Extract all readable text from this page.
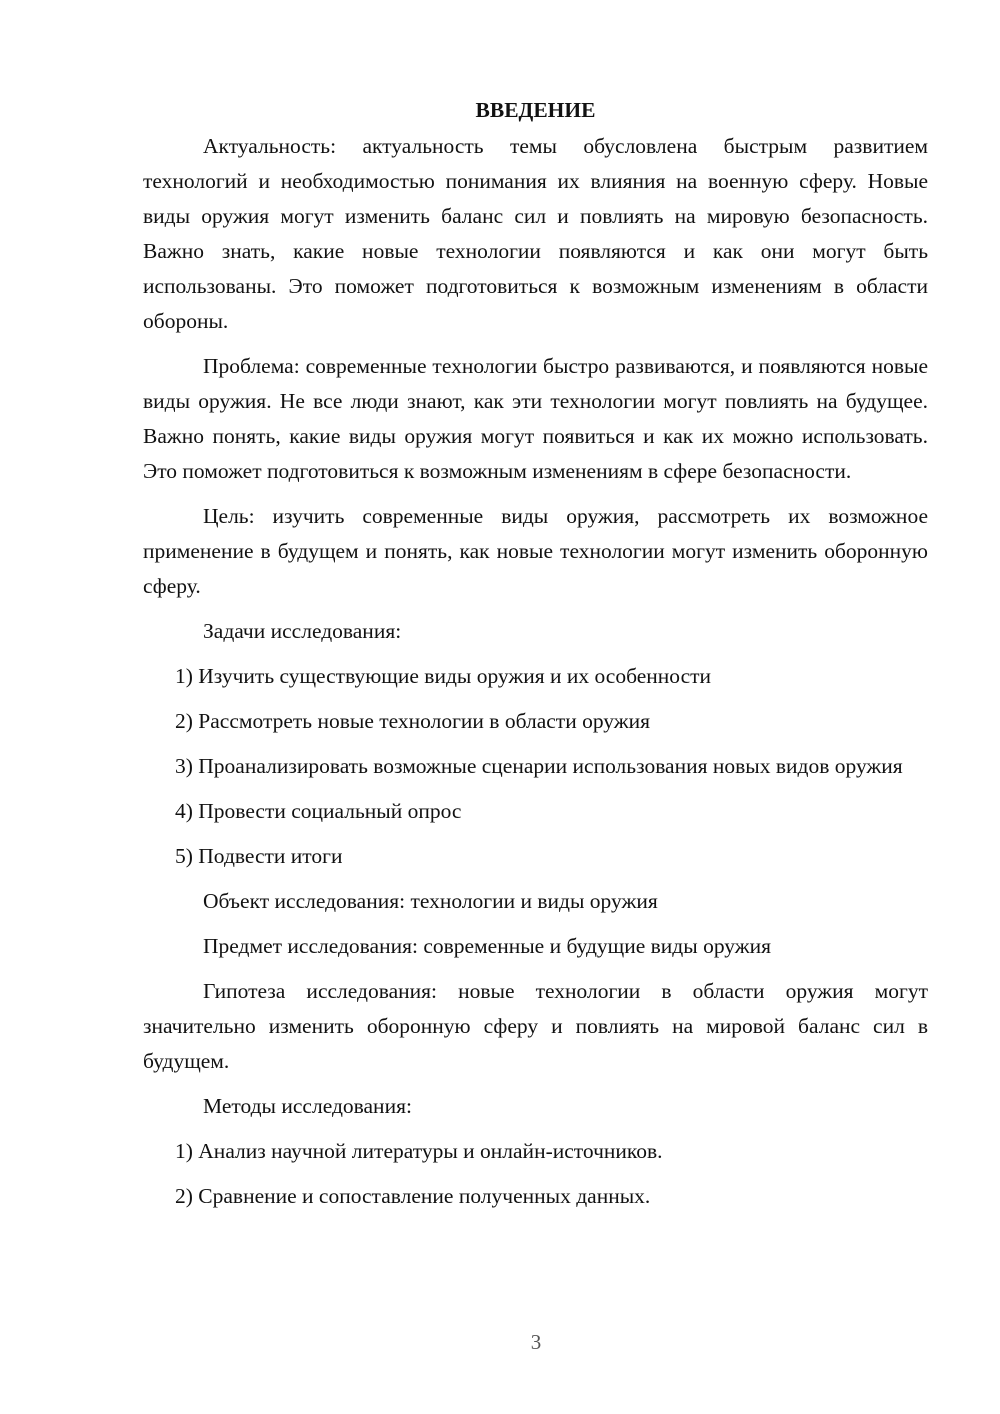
ВВЕДЕНИЕ
Актуальность: актуальность темы обусловлена быстрым развитием технологий и необходимостью понимания их влияния на военную сферу. Новые виды оружия могут изменить баланс сил и повлиять на мировую безопасность. Важно знать, какие новые технологии появляются и как они могут быть использованы. Это поможет подготовиться к возможным изменениям в области обороны.
Проблема: современные технологии быстро развиваются, и появляются новые виды оружия. Не все люди знают, как эти технологии могут повлиять на будущее. Важно понять, какие виды оружия могут появиться и как их можно использовать. Это поможет подготовиться к возможным изменениям в сфере безопасности.
Цель: изучить современные виды оружия, рассмотреть их возможное применение в будущем и понять, как новые технологии могут изменить оборонную сферу.
Задачи исследования:
1) Изучить существующие виды оружия и их особенности
2) Рассмотреть новые технологии в области оружия
3) Проанализировать возможные сценарии использования новых видов оружия
4) Провести социальный опрос
5) Подвести итоги
Объект исследования: технологии и виды оружия
Предмет исследования: современные и будущие виды оружия
Гипотеза исследования: новые технологии в области оружия могут значительно изменить оборонную сферу и повлиять на мировой баланс сил в будущем.
Методы исследования:
1) Анализ научной литературы и онлайн-источников.
2) Сравнение и сопоставление полученных данных.
3
